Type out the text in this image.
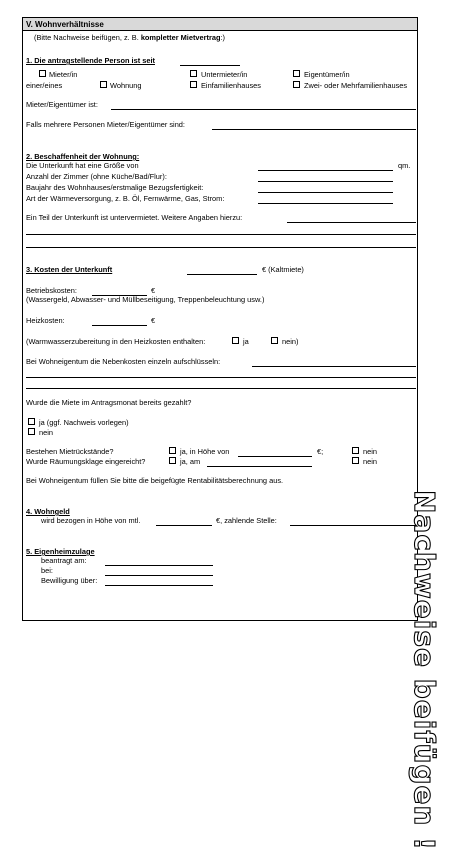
V. Wohnverhältnisse
(Bitte Nachweise beifügen, z. B. kompletter Mietvertrag:)
1. Die antragstellende Person ist seit
Mieter/in	Untermieter/in	Eigentümer/in
einer/eines	Wohnung	Einfamilienhauses	Zwei- oder Mehrfamilienhauses
Mieter/Eigentümer ist:
Falls mehrere Personen Mieter/Eigentümer sind:
2. Beschaffenheit der Wohnung:
Die Unterkunft hat eine Größe von	qm.
Anzahl der Zimmer (ohne Küche/Bad/Flur):
Baujahr des Wohnhauses/erstmalige Bezugsfertigkeit:
Art der Wärmeversorgung, z. B. Öl, Fernwärme, Gas, Strom:
Ein Teil der Unterkunft ist untervermietet. Weitere Angaben hierzu:
3. Kosten der Unterkunft	€ (Kaltmiete)
Betriebskosten:	€
(Wassergeld, Abwasser- und Müllbeseitigung, Treppenbeleuchtung usw.)
Heizkosten:	€
(Warmwasserzubereitung in den Heizkosten enthalten:	ja	nein)
Bei Wohneigentum die Nebenkosten einzeln aufschlüsseln:
Wurde die Miete im Antragsmonat bereits gezahlt?
ja (ggf. Nachweis vorlegen)
nein
Bestehen Mietrückstände?	ja, in Höhe von	€;	nein
Wurde Räumungsklage eingereicht?	ja, am	nein
Bei Wohneigentum füllen Sie bitte die beigefügte Rentabilitätsberechnung aus.
4. Wohngeld
wird bezogen in Höhe von mtl.	€, zahlende Stelle:
5. Eigenheimzulage
beantragt am:
bei:
Bewilligung über:	Nachweise beifügen !
